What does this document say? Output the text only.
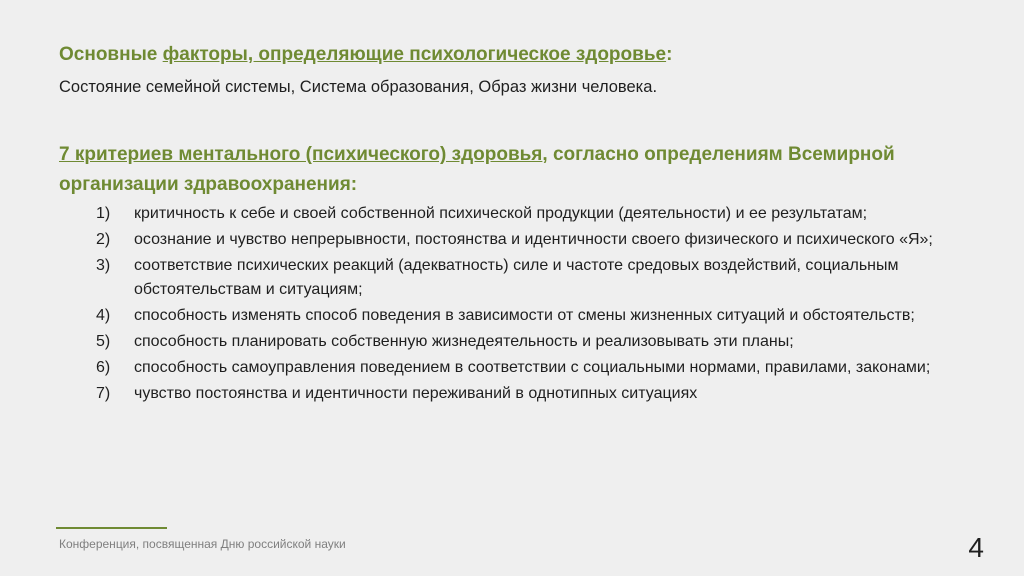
Основные факторы, определяющие психологическое здоровье:
Состояние семейной системы, Система образования, Образ жизни человека.
7 критериев ментального (психического) здоровья, согласно определениям Всемирной организации здравоохранения:
1) критичность к себе и своей собственной психической продукции (деятельности) и ее результатам;
2) осознание и чувство непрерывности, постоянства и идентичности своего физического и психического «Я»;
3) соответствие психических реакций (адекватность) силе и частоте средовых воздействий, социальным обстоятельствам и ситуациям;
4) способность изменять способ поведения в зависимости от смены жизненных ситуаций и обстоятельств;
5) способность планировать собственную жизнедеятельность и реализовывать эти планы;
6) способность самоуправления поведением в соответствии с социальными нормами, правилами, законами;
7) чувство постоянства и идентичности переживаний в однотипных ситуациях
Конференция, посвященная Дню российской науки	4
